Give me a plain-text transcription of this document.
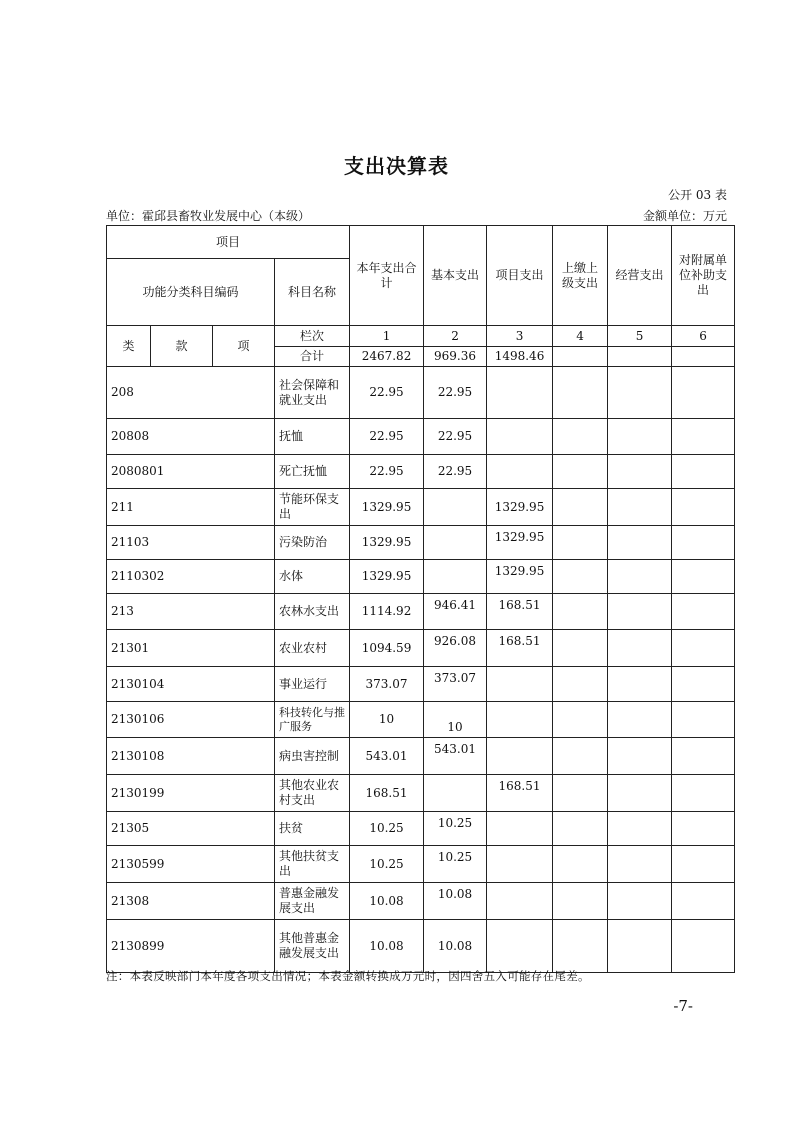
支出决算表
公开 03 表
单位：霍邱县畜牧业发展中心（本级）	金额单位：万元
项目				本年支出合计	基本支出	项目支出	上缴上级支出	经营支出	对附属单位补助支出
功能分类科目编码			科目名称						
类	款	项	栏次	1	2	3	4	5	6
			合计	2467.82	969.36	1498.46			
208			社会保障和就业支出	22.95	22.95				
20808			抚恤	22.95	22.95				
2080801			死亡抚恤	22.95	22.95				
211			节能环保支出	1329.95		1329.95			
21103			污染防治	1329.95		1329.95			
2110302			水体	1329.95		1329.95			
213			农林水支出	1114.92	946.41	168.51			
21301			农业农村	1094.59	926.08	168.51			
2130104			事业运行	373.07	373.07				
2130106			科技转化与推广服务	10	10				
2130108			病虫害控制	543.01	543.01				
2130199			其他农业农村支出	168.51		168.51			
21305			扶贫	10.25	10.25				
2130599			其他扶贫支出	10.25	10.25				
21308			普惠金融发展支出	10.08	10.08				
2130899			其他普惠金融发展支出	10.08	10.08				
注：本表反映部门本年度各项支出情况；本表金额转换成万元时，因四舍五入可能存在尾差。
-7-
